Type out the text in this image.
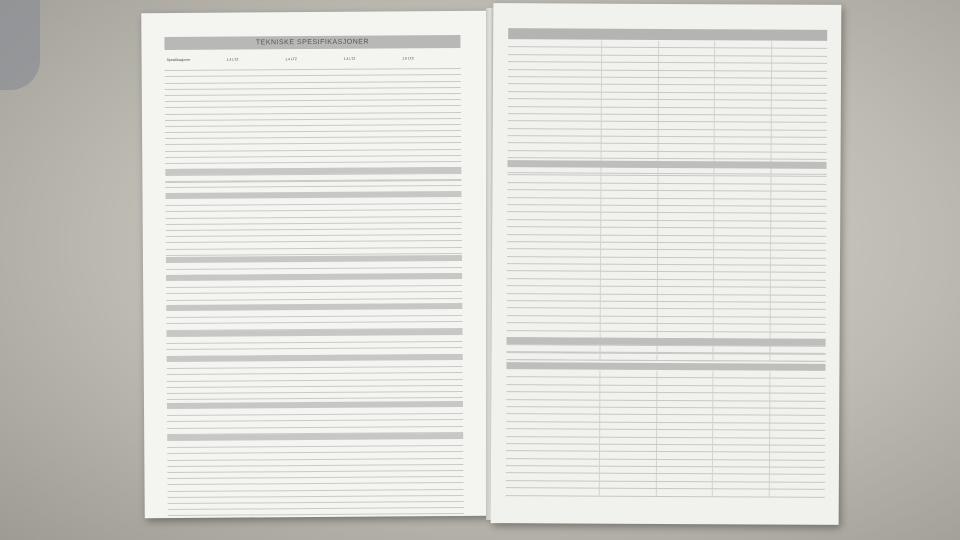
TEKNISKE SPESIFIKASJONER
Spesifikasjoner	1.4 LTZ	1.4 LTZ	1.4 LTZ	1.5 LTZ
